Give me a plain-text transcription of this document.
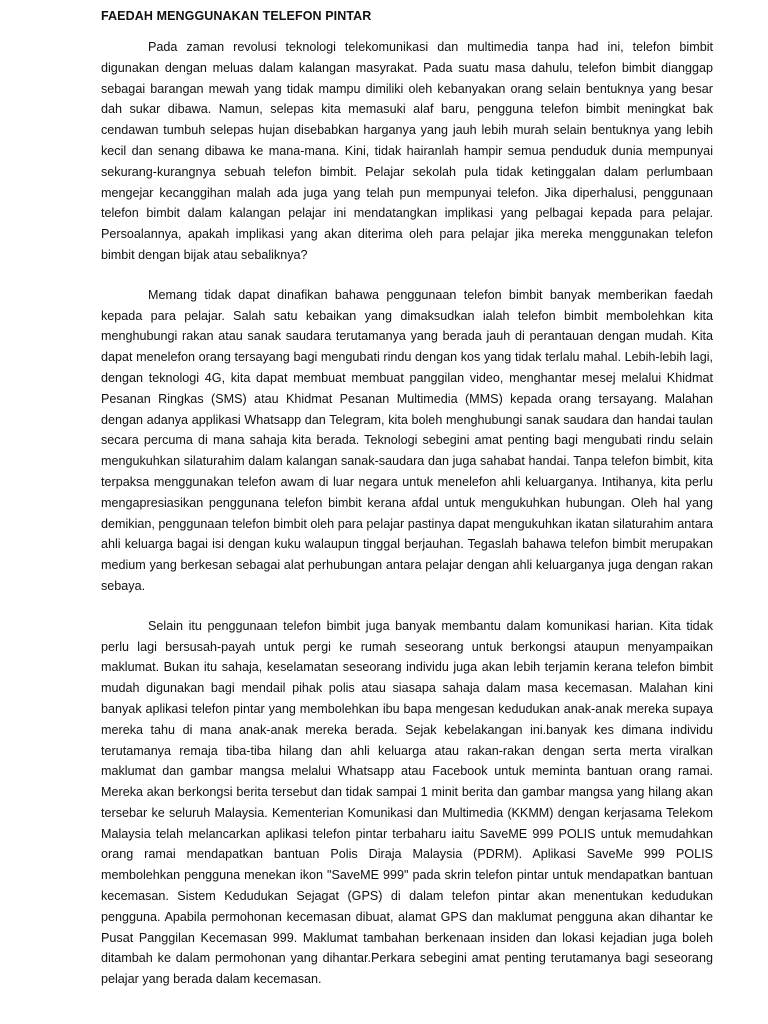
FAEDAH MENGGUNAKAN TELEFON PINTAR

Pada zaman revolusi teknologi telekomunikasi dan multimedia tanpa had ini, telefon bimbit digunakan dengan meluas dalam kalangan masyrakat. Pada suatu masa dahulu, telefon bimbit dianggap sebagai barangan mewah yang tidak mampu dimiliki oleh kebanyakan orang selain bentuknya yang besar dah sukar dibawa. Namun, selepas kita memasuki alaf baru, pengguna telefon bimbit meningkat bak cendawan tumbuh selepas hujan disebabkan harganya yang jauh lebih murah selain bentuknya yang lebih kecil dan senang dibawa ke mana-mana. Kini, tidak hairanlah hampir semua penduduk dunia mempunyai sekurang-kurangnya sebuah telefon bimbit. Pelajar sekolah pula tidak ketinggalan dalam perlumbaan mengejar kecanggihan malah ada juga yang telah pun mempunyai telefon. Jika diperhalusi, penggunaan telefon bimbit dalam kalangan pelajar ini mendatangkan implikasi yang pelbagai kepada para pelajar. Persoalannya, apakah implikasi yang akan diterima oleh para pelajar jika mereka menggunakan telefon bimbit dengan bijak atau sebaliknya?

Memang tidak dapat dinafikan bahawa penggunaan telefon bimbit banyak memberikan faedah kepada para pelajar. Salah satu kebaikan yang dimaksudkan ialah telefon bimbit membolehkan kita menghubungi rakan atau sanak saudara terutamanya yang berada jauh di perantauan dengan mudah. Kita dapat menelefon orang tersayang bagi mengubati rindu dengan kos yang tidak terlalu mahal. Lebih-lebih lagi, dengan teknologi 4G, kita dapat membuat membuat panggilan video, menghantar mesej melalui Khidmat Pesanan Ringkas (SMS) atau Khidmat Pesanan Multimedia (MMS) kepada orang tersayang. Malahan dengan adanya applikasi Whatsapp dan Telegram, kita boleh menghubungi sanak saudara dan handai taulan secara percuma di mana sahaja kita berada. Teknologi sebegini amat penting bagi mengubati rindu selain mengukuhkan silaturahim dalam kalangan sanak-saudara dan juga sahabat handai. Tanpa telefon bimbit, kita terpaksa menggunakan telefon awam di luar negara untuk menelefon ahli keluarganya. Intihanya, kita perlu mengapresiasikan penggunana telefon bimbit kerana afdal untuk mengukuhkan hubungan. Oleh hal yang demikian, penggunaan telefon bimbit oleh para pelajar pastinya dapat mengukuhkan ikatan silaturahim antara ahli keluarga bagai isi dengan kuku walaupun tinggal berjauhan. Tegaslah bahawa telefon bimbit merupakan medium yang berkesan sebagai alat perhubungan antara pelajar dengan ahli keluarganya juga dengan rakan sebaya.

Selain itu penggunaan telefon bimbit juga banyak membantu dalam komunikasi harian. Kita tidak perlu lagi bersusah-payah untuk pergi ke rumah seseorang untuk berkongsi ataupun menyampaikan maklumat. Bukan itu sahaja, keselamatan seseorang individu juga akan lebih terjamin kerana telefon bimbit mudah digunakan bagi mendail pihak polis atau siasapa sahaja dalam masa kecemasan. Malahan kini banyak aplikasi telefon pintar yang membolehkan ibu bapa mengesan kedudukan anak-anak mereka supaya mereka tahu di mana anak-anak mereka berada. Sejak kebelakangan ini.banyak kes dimana individu terutamanya remaja tiba-tiba hilang dan ahli keluarga atau rakan-rakan dengan serta merta viralkan maklumat dan gambar mangsa melalui Whatsapp atau Facebook untuk meminta bantuan orang ramai. Mereka akan berkongsi berita tersebut dan tidak sampai 1 minit berita dan gambar mangsa yang hilang akan tersebar ke seluruh Malaysia. Kementerian Komunikasi dan Multimedia (KKMM) dengan kerjasama Telekom Malaysia telah melancarkan aplikasi telefon pintar terbaharu iaitu SaveME 999 POLIS untuk memudahkan orang ramai mendapatkan bantuan Polis Diraja Malaysia (PDRM). Aplikasi SaveMe 999 POLIS membolehkan pengguna menekan ikon "SaveME 999" pada skrin telefon pintar untuk mendapatkan bantuan kecemasan. Sistem Kedudukan Sejagat (GPS) di dalam telefon pintar akan menentukan kedudukan pengguna. Apabila permohonan kecemasan dibuat, alamat GPS dan maklumat pengguna akan dihantar ke Pusat Panggilan Kecemasan 999. Maklumat tambahan berkenaan insiden dan lokasi kejadian juga boleh ditambah ke dalam permohonan yang dihantar.Perkara sebegini amat penting terutamanya bagi seseorang pelajar yang berada dalam kecemasan.
